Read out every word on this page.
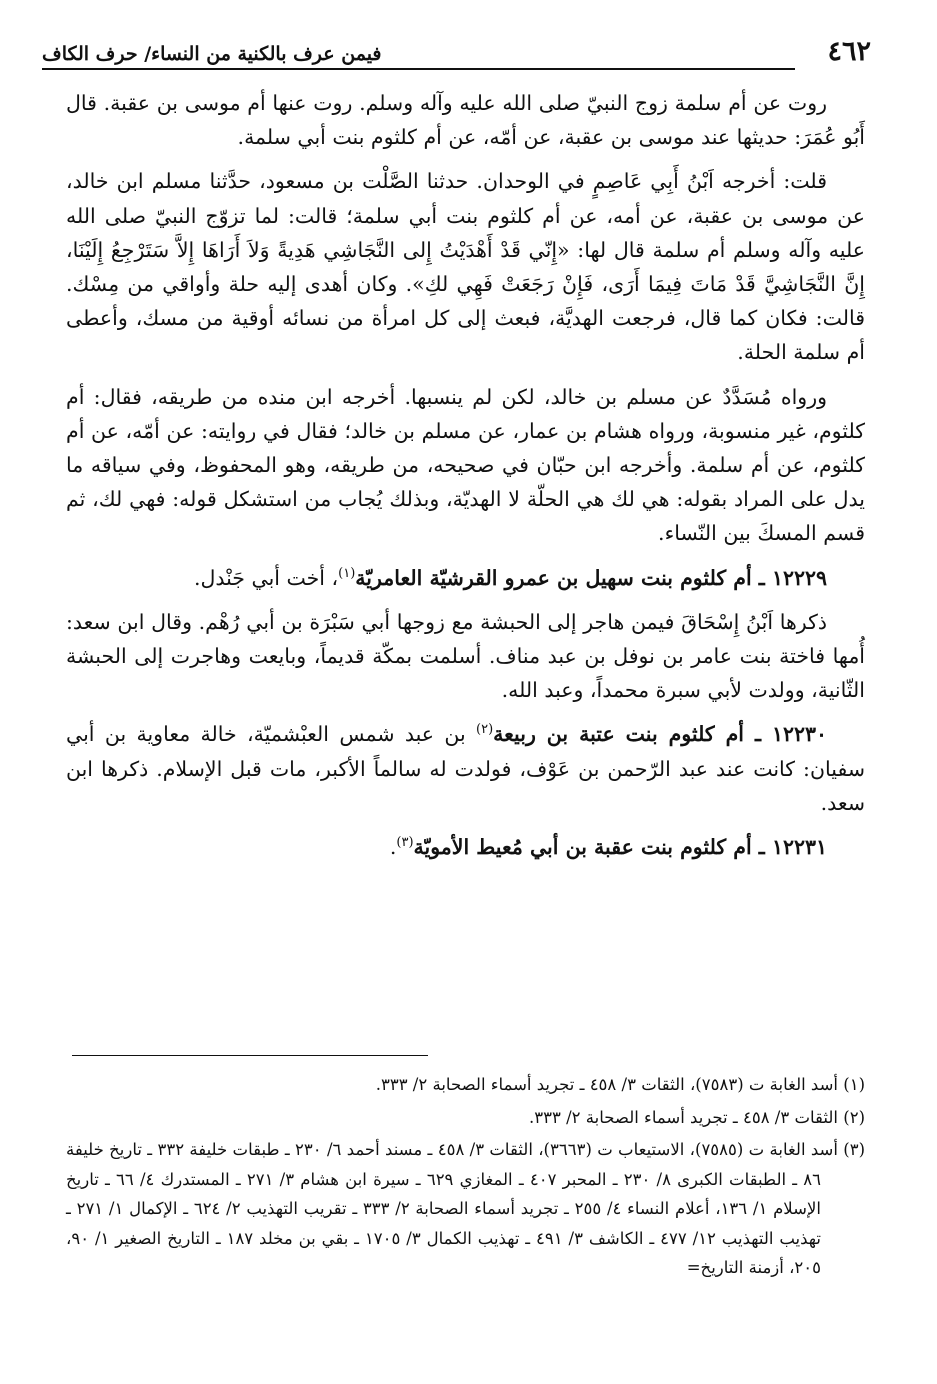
٤٦٢
فيمن عرف بالكنية من النساء/ حرف الكاف

روت عن أم سلمة زوج النبيّ صلى الله عليه وآله وسلم. روت عنها أم موسى بن عقبة. قال أَبُو عُمَرَ: حديثها عند موسى بن عقبة، عن أمّه، عن أم كلثوم بنت أبي سلمة.

قلت: أخرجه اَبْنُ أَبِي عَاصِمٍ في الوحدان. حدثنا الصَّلْت بن مسعود، حدَّثنا مسلم ابن خالد، عن موسى بن عقبة، عن أمه، عن أم كلثوم بنت أبي سلمة؛ قالت: لما تزوّج النبيّ صلى الله عليه وآله وسلم أم سلمة قال لها: «إِنّي قَدْ أَهْدَيْتُ إِلى النَّجَاشِي هَدِيةً وَلاَ أَرَاهَا إِلاَّ سَتَرْجِعُ إِلَيْنَا، إِنَّ النَّجَاشِيَّ قَدْ مَاتَ فِيمَا أَرَى، فَإِنْ رَجَعَتْ فَهِي لكِ». وكان أهدى إليه حلة وأواقي من مِسْك. قالت: فكان كما قال، فرجعت الهديَّة، فبعث إلى كل امرأة من نسائه أوقية من مسك، وأعطى أم سلمة الحلة.

ورواه مُسَدَّدٌ عن مسلم بن خالد، لكن لم ينسبها. أخرجه ابن منده من طريقه، فقال: أم كلثوم، غير منسوبة، ورواه هشام بن عمار، عن مسلم بن خالد؛ فقال في روايته: عن أمّه، عن أم كلثوم، عن أم سلمة. وأخرجه ابن حبّان في صحيحه، من طريقه، وهو المحفوظ، وفي سياقه ما يدل على المراد بقوله: هي لك هي الحلّة لا الهديّة، وبذلك يُجاب من استشكل قوله: فهي لك، ثم قسم المسكَ بين النّساء.

١٢٢٢٩ ـ أم كلثوم بنت سهيل بن عمرو القرشيّة العامريّة$^{(١)}$، أخت أبي جَنْدل.

ذكرها اَبْنُ إِسْحَاقَ فيمن هاجر إلى الحبشة مع زوجها أبي سَبْرَة بن أبي رُهْم. وقال ابن سعد: أُمها فاختة بنت عامر بن نوفل بن عبد مناف. أسلمت بمكّة قديماً، وبايعت وهاجرت إلى الحبشة الثّانية، وولدت لأبي سبرة محمداً، وعبد الله.

١٢٢٣٠ ـ أم كلثوم بنت عتبة بن ربيعة$^{(٢)}$ بن عبد شمس العبْشميّة، خالة معاوية بن أبي سفيان: كانت عند عبد الرّحمن بن عَوْف، فولدت له سالماً الأكبر، مات قبل الإسلام. ذكرها ابن سعد.

١٢٢٣١ ـ أم كلثوم بنت عقبة بن أبي مُعيط الأمويّة$^{(٣)}$.

(١) أسد الغابة ت (٧٥٨٣)، الثقات ٣/ ٤٥٨ ـ تجريد أسماء الصحابة ٢/ ٣٣٣.

(٢) الثقات ٣/ ٤٥٨ ـ تجريد أسماء الصحابة ٢/ ٣٣٣.

(٣) أسد الغابة ت (٧٥٨٥)، الاستيعاب ت (٣٦٦٣)، الثقات ٣/ ٤٥٨ ـ مسند أحمد ٦/ ٢٣٠ ـ طبقات خليفة ٣٣٢ ـ تاريخ خليفة ٨٦ ـ الطبقات الكبرى ٨/ ٢٣٠ ـ المحبر ٤٠٧ ـ المغازي ٦٢٩ ـ سيرة ابن هشام ٣/ ٢٧١ ـ المستدرك ٤/ ٦٦ ـ تاريخ الإسلام ١/ ١٣٦، أعلام النساء ٤/ ٢٥٥ ـ تجريد أسماء الصحابة ٢/ ٣٣٣ ـ تقريب التهذيب ٢/ ٦٢٤ ـ الإكمال ١/ ٢٧١ ـ تهذيب التهذيب ١٢/ ٤٧٧ ـ الكاشف ٣/ ٤٩١ ـ تهذيب الكمال ٣/ ١٧٠٥ ـ بقي بن مخلد ١٨٧ ـ التاريخ الصغير ١/ ٩٠، ٢٠٥، أزمنة التاريخ=
